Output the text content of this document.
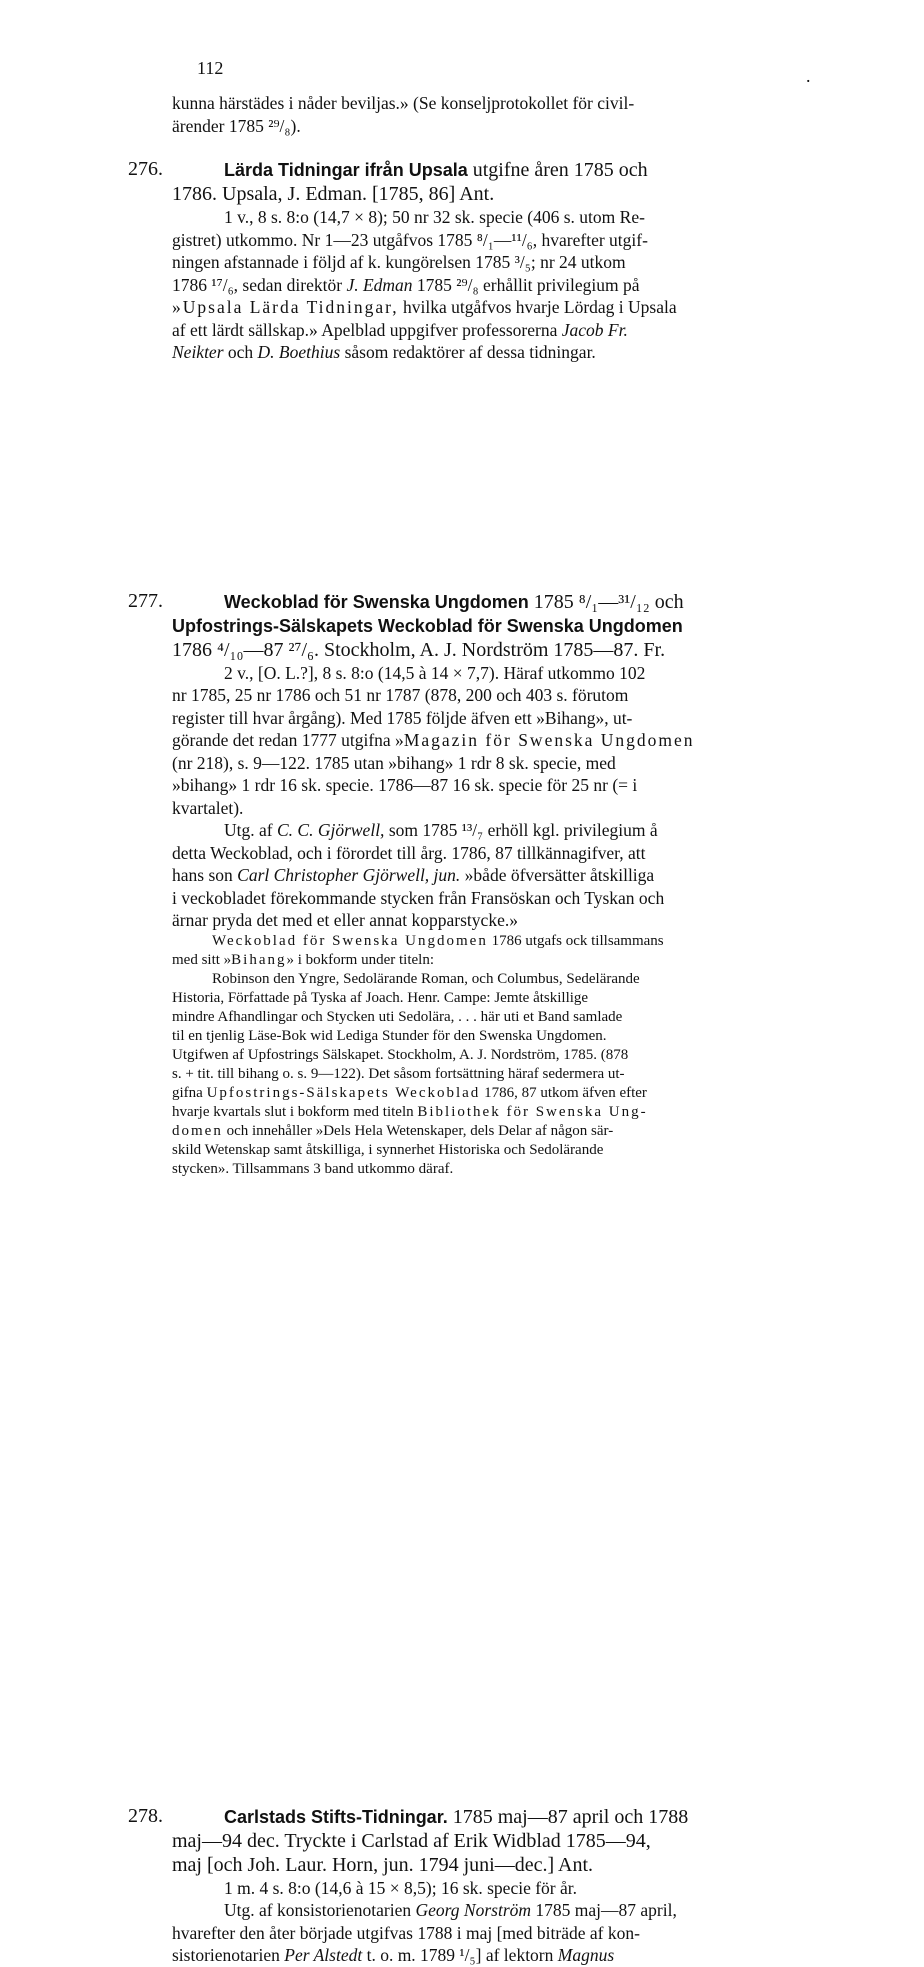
112	.

kunna härstädes i nåder beviljas.» (Se konseljprotokollet för civil-

ärender 1785 ²⁹/₈).

276.	Lärda Tidningar ifrån Upsala utgifne åren 1785 och

1786. Upsala, J. Edman. [1785, 86] Ant.

1 v., 8 s. 8:o (14,7 × 8); 50 nr 32 sk. specie (406 s. utom Re-

gistret) utkommo. Nr 1—23 utgåfvos 1785 ⁸/₁—¹¹/₆, hvarefter utgif-

ningen afstannade i följd af k. kungörelsen 1785 ³/₅; nr 24 utkom

1786 ¹⁷/₆, sedan direktör J. Edman 1785 ²⁹/₈ erhållit privilegium på

»Upsala Lärda Tidningar, hvilka utgåfvos hvarje Lördag i Upsala

af ett lärdt sällskap.» Apelblad uppgifver professorerna Jacob Fr.

Neikter och D. Boethius såsom redaktörer af dessa tidningar.

277.	Weckoblad för Swenska Ungdomen 1785 ⁸/₁—³¹/₁₂ och

Upfostrings-Sälskapets Weckoblad för Swenska Ungdomen

1786 ⁴/₁₀—87 ²⁷/₆. Stockholm, A. J. Nordström 1785—87. Fr.

2 v., [O. L.?], 8 s. 8:o (14,5 à 14 × 7,7). Häraf utkommo 102

nr 1785, 25 nr 1786 och 51 nr 1787 (878, 200 och 403 s. förutom

register till hvar årgång). Med 1785 följde äfven ett »Bihang», ut-

görande det redan 1777 utgifna »Magazin för Swenska Ungdomen

(nr 218), s. 9—122. 1785 utan »bihang» 1 rdr 8 sk. specie, med

»bihang» 1 rdr 16 sk. specie. 1786—87 16 sk. specie för 25 nr (= i

kvartalet).

Utg. af C. C. Gjörwell, som 1785 ¹³/₇ erhöll kgl. privilegium å

detta Weckoblad, och i förordet till årg. 1786, 87 tillkännagifver, att

hans son Carl Christopher Gjörwell, jun. »både öfversätter åtskilliga

i veckobladet förekommande stycken från Fransöskan och Tyskan och

ärnar pryda det med et eller annat kopparstycke.»

Weckoblad för Swenska Ungdomen 1786 utgafs ock tillsammans

med sitt »Bihang» i bokform under titeln:

Robinson den Yngre, Sedolärande Roman, och Columbus, Sedelärande

Historia, Författade på Tyska af Joach. Henr. Campe: Jemte åtskillige

mindre Afhandlingar och Stycken uti Sedolära, . . . här uti et Band samlade

til en tjenlig Läse-Bok wid Lediga Stunder för den Swenska Ungdomen.

Utgifwen af Upfostrings Sälskapet. Stockholm, A. J. Nordström, 1785. (878

s. + tit. till bihang o. s. 9—122). Det såsom fortsättning häraf sedermera ut-

gifna Upfostrings-Sälskapets Weckoblad 1786, 87 utkom äfven efter

hvarje kvartals slut i bokform med titeln Bibliothek för Swenska Ung-

domen och innehåller »Dels Hela Wetenskaper, dels Delar af någon sär-

skild Wetenskap samt åtskilliga, i synnerhet Historiska och Sedolärande

stycken». Tillsammans 3 band utkommo däraf.

278.	Carlstads Stifts-Tidningar. 1785 maj—87 april och 1788

maj—94 dec. Tryckte i Carlstad af Erik Widblad 1785—94,

maj [och Joh. Laur. Horn, jun. 1794 juni—dec.] Ant.

1 m. 4 s. 8:o (14,6 à 15 × 8,5); 16 sk. specie för år.

Utg. af konsistorienotarien Georg Norström 1785 maj—87 april,

hvarefter den åter började utgifvas 1788 i maj [med biträde af kon-

sistorienotarien Per Alstedt t. o. m. 1789 ¹/₅] af lektorn Magnus
